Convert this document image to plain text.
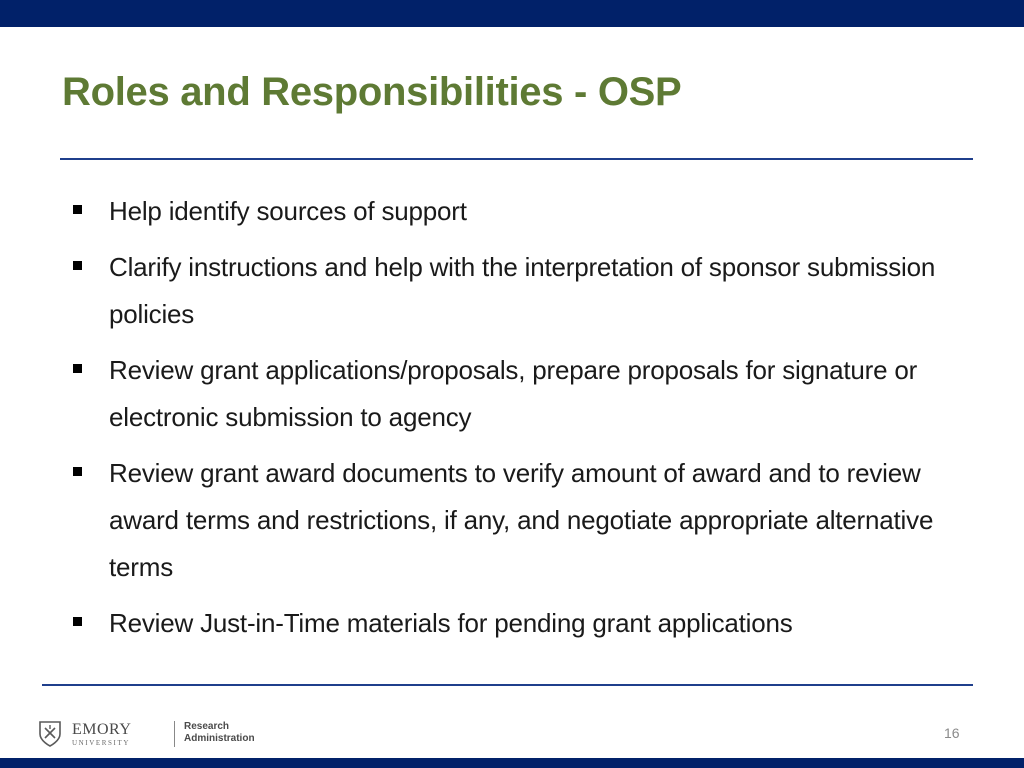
Roles and Responsibilities - OSP
Help identify sources of support
Clarify instructions and help with the interpretation of sponsor submission policies
Review grant applications/proposals, prepare proposals for signature or electronic submission to agency
Review grant award documents to verify amount of award and to review award terms and restrictions, if any, and negotiate appropriate alternative terms
Review Just-in-Time materials for pending grant applications
EMORY
UNIVERSITY
Research
Administration	16
